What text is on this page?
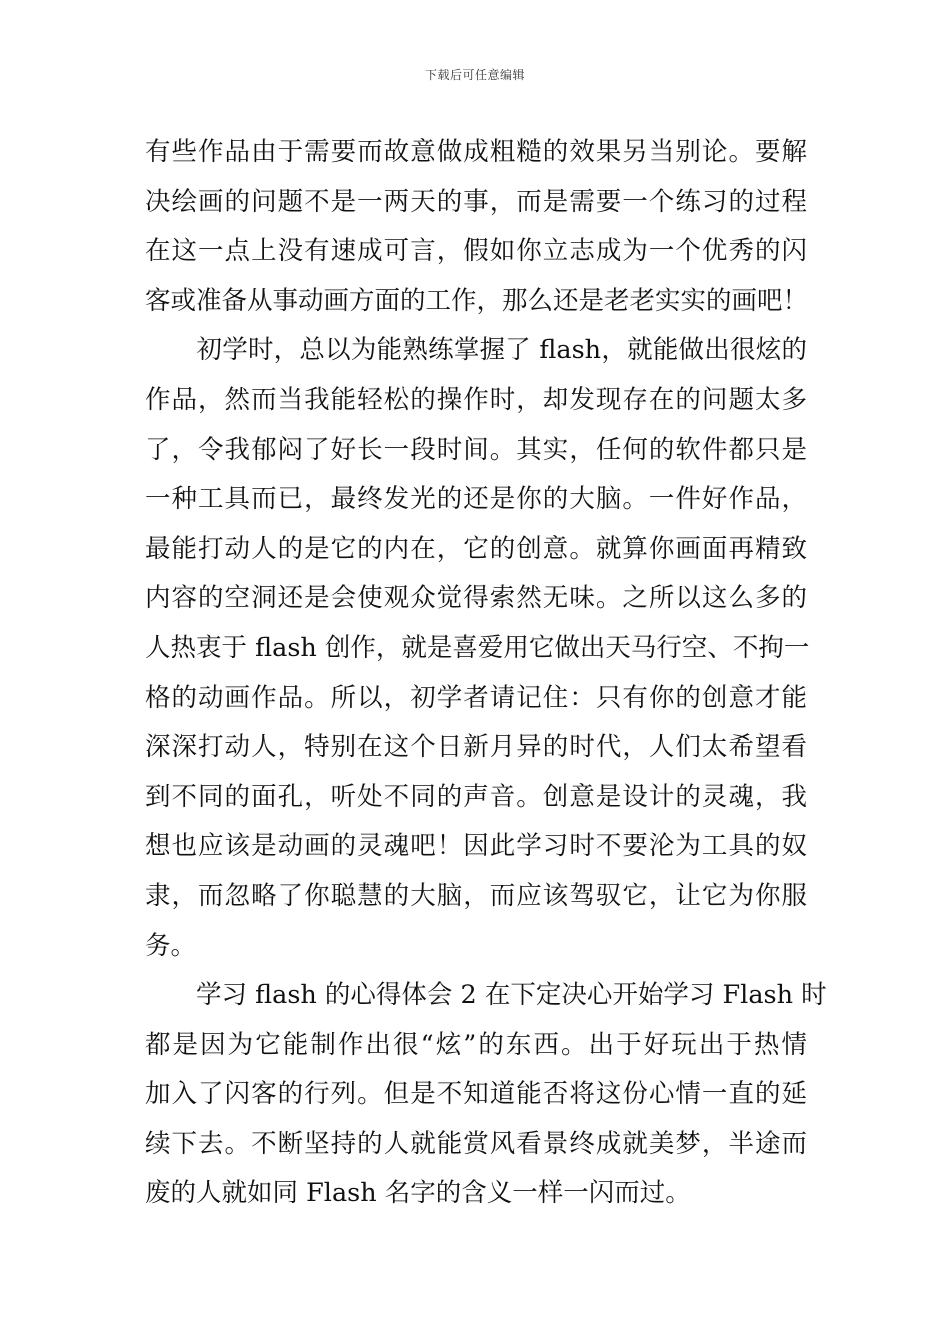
下载后可任意编辑
有些作品由于需要而故意做成粗糙的效果另当别论。要解
决绘画的问题不是一两天的事，而是需要一个练习的过程
在这一点上没有速成可言，假如你立志成为一个优秀的闪
客或准备从事动画方面的工作，那么还是老老实实的画吧！
　　初学时，总以为能熟练掌握了 flash，就能做出很炫的
作品，然而当我能轻松的操作时，却发现存在的问题太多
了，令我郁闷了好长一段时间。其实，任何的软件都只是
一种工具而已，最终发光的还是你的大脑。一件好作品，
最能打动人的是它的内在，它的创意。就算你画面再精致
内容的空洞还是会使观众觉得索然无味。之所以这么多的
人热衷于 flash 创作，就是喜爱用它做出天马行空、不拘一
格的动画作品。所以，初学者请记住：只有你的创意才能
深深打动人，特别在这个日新月异的时代，人们太希望看
到不同的面孔，听处不同的声音。创意是设计的灵魂，我
想也应该是动画的灵魂吧！因此学习时不要沦为工具的奴
隶，而忽略了你聪慧的大脑，而应该驾驭它，让它为你服
务。
　　学习 flash 的心得体会 2 在下定决心开始学习 Flash 时
都是因为它能制作出很“炫”的东西。出于好玩出于热情
加入了闪客的行列。但是不知道能否将这份心情一直的延
续下去。不断坚持的人就能赏风看景终成就美梦，半途而
废的人就如同 Flash 名字的含义一样一闪而过。
